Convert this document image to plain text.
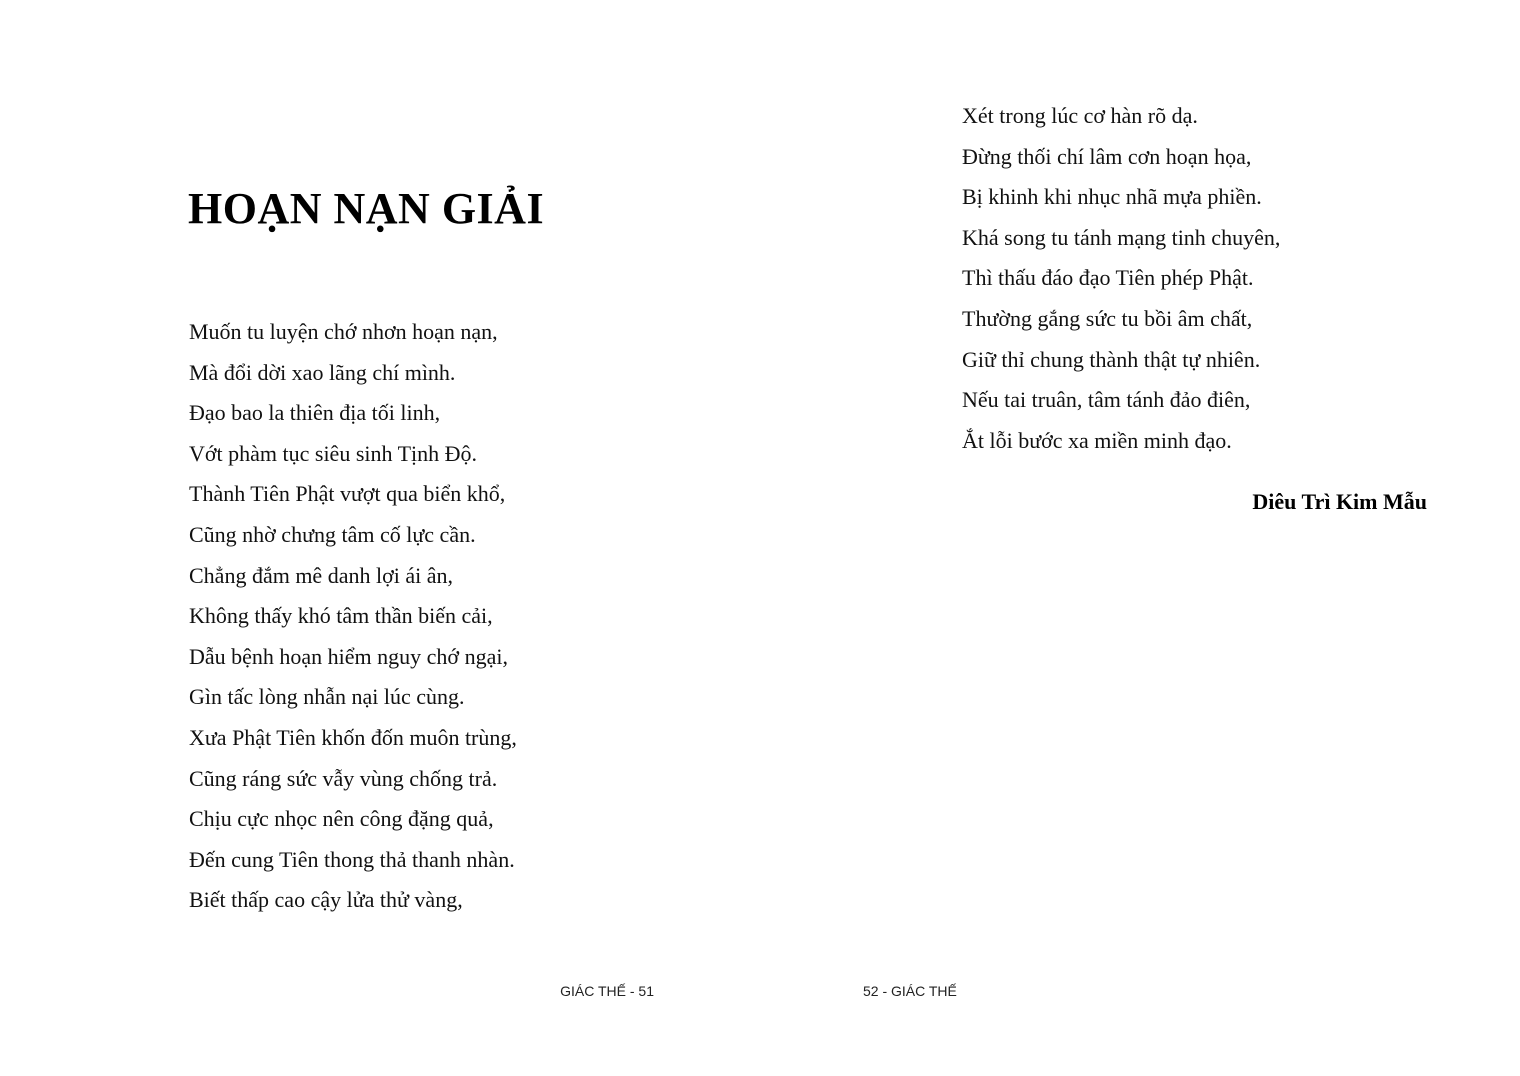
HOẠN NẠN GIẢI
Muốn tu luyện chớ nhơn hoạn nạn,
Mà đổi dời xao lãng chí mình.
Đạo bao la thiên địa tối linh,
Vớt phàm tục siêu sinh Tịnh Độ.
Thành Tiên Phật vượt qua biển khổ,
Cũng nhờ chưng tâm cố lực cần.
Chẳng đắm mê danh lợi ái ân,
Không thấy khó tâm thần biến cải,
Dẫu bệnh hoạn hiểm nguy chớ ngại,
Gìn tấc lòng nhẫn nại lúc cùng.
Xưa Phật Tiên khốn đốn muôn trùng,
Cũng ráng sức vẫy vùng chống trả.
Chịu cực nhọc nên công đặng quả,
Đến cung Tiên thong thả thanh nhàn.
Biết thấp cao cậy lửa thử vàng,

GIÁC THẾ - 51

Xét trong lúc cơ hàn rõ dạ.
Đừng thối chí lâm cơn hoạn họa,
Bị khinh khi nhục nhã mựa phiền.
Khá song tu tánh mạng tinh chuyên,
Thì thấu đáo đạo Tiên phép Phật.
Thường gắng sức tu bồi âm chất,
Giữ thỉ chung thành thật tự nhiên.
Nếu tai truân, tâm tánh đảo điên,
Ắt lỗi bước xa miền minh đạo.

Diêu Trì Kim Mẫu

52 - GIÁC THẾ
